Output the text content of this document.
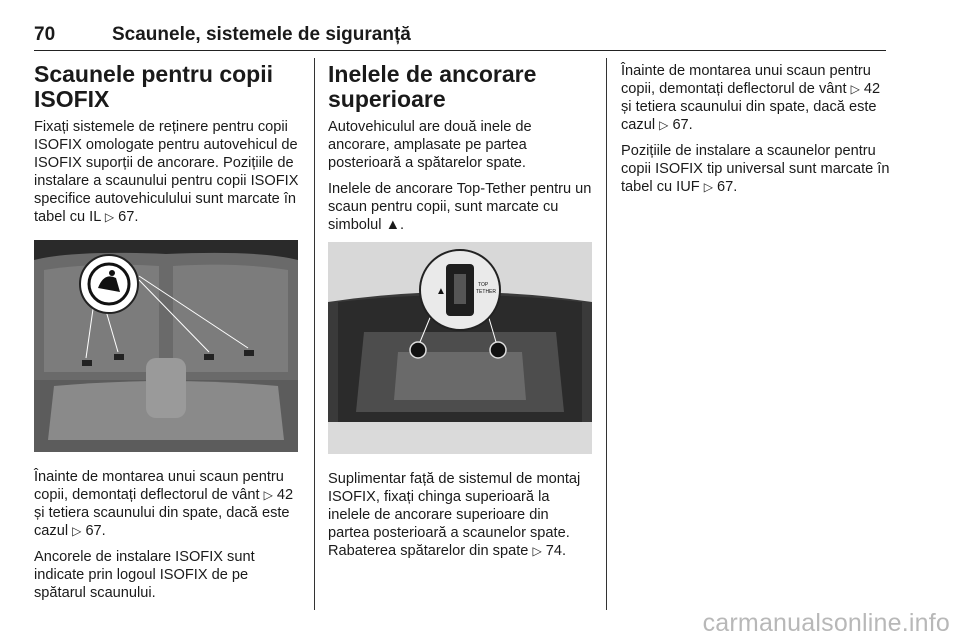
70	Scaunele, sistemele de siguranță
Scaunele pentru copii ISOFIX

Fixați sistemele de reținere pentru copii ISOFIX omologate pentru autovehicul de ISOFIX suporții de ancorare. Pozițiile de instalare a scaunului pentru copii ISOFIX specifice autovehiculului sunt marcate în tabel cu IL ▷ 67.

Înainte de montarea unui scaun pentru copii, demontați deflectorul de vânt ▷ 42 și tetiera scaunului din spate, dacă este cazul ▷ 67.

Ancorele de instalare ISOFIX sunt indicate prin logoul ISOFIX de pe spătarul scaunului.

Inelele de ancorare superioare

Autovehiculul are două inele de ancorare, amplasate pe partea posterioară a spătarelor spate.

Inelele de ancorare Top-Tether pentru un scaun pentru copii, sunt marcate cu simbolul ▲.

▲
TOP
TETHER

Suplimentar față de sistemul de montaj ISOFIX, fixați chinga superioară la inelele de ancorare superioare din partea posterioară a scaunelor spate. Rabaterea spătarelor din spate ▷ 74.

Înainte de montarea unui scaun pentru copii, demontați deflectorul de vânt ▷ 42 și tetiera scaunului din spate, dacă este cazul ▷ 67.

Pozițiile de instalare a scaunelor pentru copii ISOFIX tip universal sunt marcate în tabel cu IUF ▷ 67.

carmanualsonline.info
